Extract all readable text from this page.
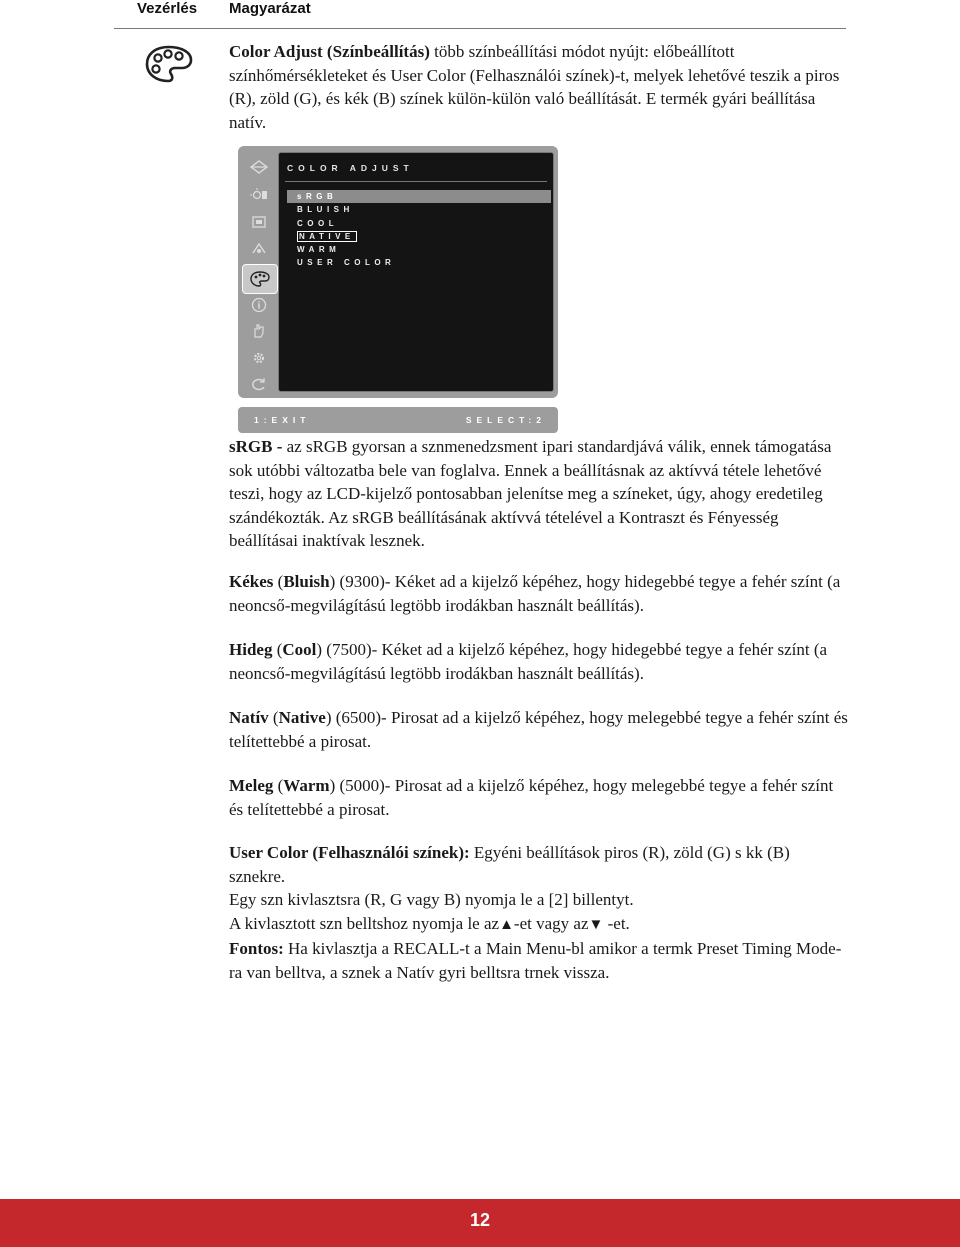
Vezérlés Magyarázat

Color Adjust (Színbeállítás) több színbeállítási módot nyújt: előbeállított színhőmérsékleteket és User Color (Felhasználói színek)-t, melyek lehetővé teszik a piros (R), zöld (G), és kék (B) színek külön-külön való beállítását. E termék gyári beállítása natív.

i
COLOR ADJUST
sRGB
BLUISH
COOL
NATIVE
WARM
USER COLOR
1:EXIT	SELECT:2

sRGB - az sRGB gyorsan a sznmenedzsment ipari standardjává válik, ennek támogatása sok utóbbi változatba bele van foglalva. Ennek a beállításnak az aktívvá tétele lehetővé teszi, hogy az LCD-kijelző pontosabban jelenítse meg a színeket, úgy, ahogy eredetileg szándékozták. Az sRGB beállításának aktívvá tételével a Kontraszt és Fényesség beállításai inaktívak lesznek.

Kékes (Bluish) (9300)- Kéket ad a kijelző képéhez, hogy hidegebbé tegye a fehér színt (a neoncső-megvilágítású legtöbb irodákban használt beállítás).

Hideg (Cool) (7500)- Kéket ad a kijelző képéhez, hogy hidegebbé tegye a fehér színt (a neoncső-megvilágítású legtöbb irodákban használt beállítás).

Natív (Native) (6500)- Pirosat ad a kijelző képéhez, hogy melegebbé tegye a fehér színt és telítettebbé a pirosat.

Meleg (Warm) (5000)- Pirosat ad a kijelző képéhez, hogy melegebbé tegye a fehér színt és telítettebbé a pirosat.

User Color (Felhasználói színek): Egyéni beállítások piros (R), zöld (G) s kk (B) sznekre.
Egy szn kivlasztsra (R, G vagy B) nyomja le a [2] billentyt.
A kivlasztott szn belltshoz nyomja le az▲-et vagy az▼ -et.
Fontos: Ha kivlasztja a RECALL-t a Main Menu-bl amikor a termk Preset Timing Mode-ra van belltva, a sznek a Natív gyri belltsra trnek vissza.
12
